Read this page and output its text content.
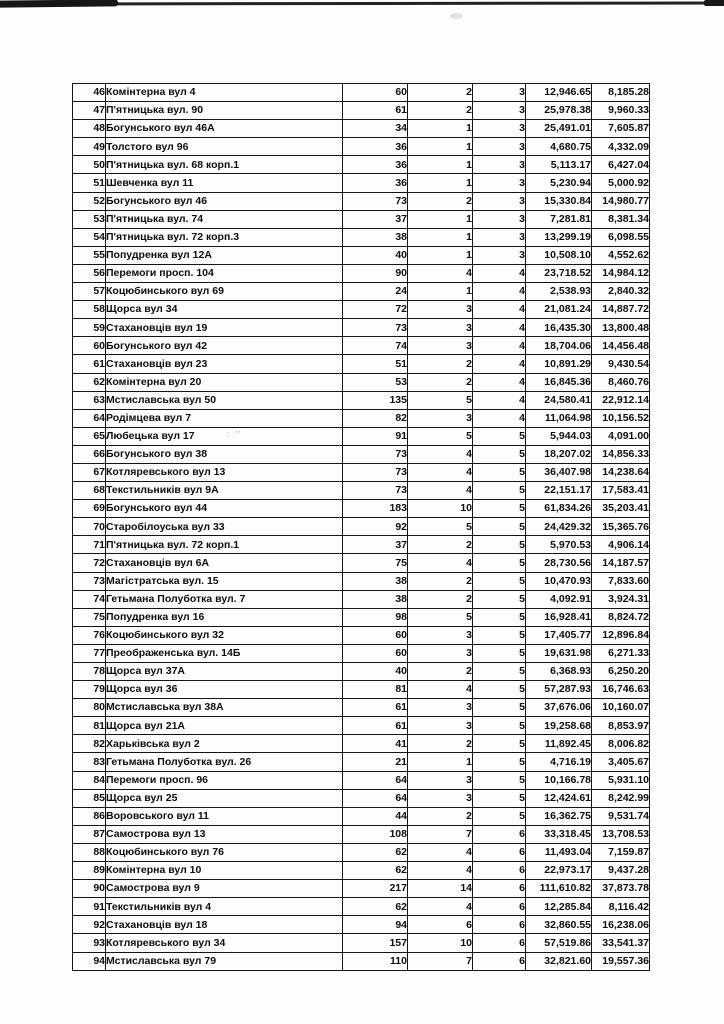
46	Комінтерна вул 4	60	2	3	12,946.65	8,185.28
47	П'ятницька вул. 90	61	2	3	25,978.38	9,960.33
48	Богунського вул 46А	34	1	3	25,491.01	7,605.87
49	Толстого вул 96	36	1	3	4,680.75	4,332.09
50	П'ятницька вул. 68 корп.1	36	1	3	5,113.17	6,427.04
51	Шевченка вул 11	36	1	3	5,230.94	5,000.92
52	Богунського вул 46	73	2	3	15,330.84	14,980.77
53	П'ятницька вул. 74	37	1	3	7,281.81	8,381.34
54	П'ятницька вул. 72 корп.3	38	1	3	13,299.19	6,098.55
55	Попудренка вул 12А	40	1	3	10,508.10	4,552.62
56	Перемоги просп. 104	90	4	4	23,718.52	14,984.12
57	Коцюбинського вул 69	24	1	4	2,538.93	2,840.32
58	Щорса вул 34	72	3	4	21,081.24	14,887.72
59	Стахановців вул 19	73	3	4	16,435.30	13,800.48
60	Богунського вул 42	74	3	4	18,704.06	14,456.48
61	Стахановців вул 23	51	2	4	10,891.29	9,430.54
62	Комінтерна вул 20	53	2	4	16,845.36	8,460.76
63	Мстиславська вул 50	135	5	4	24,580.41	22,912.14
64	Родімцева вул 7	82	3	4	11,064.98	10,156.52
65	Любецька вул 17	91	5	5	5,944.03	4,091.00
66	Богунського вул 38	73	4	5	18,207.02	14,856.33
67	Котляревського вул 13	73	4	5	36,407.98	14,238.64
68	Текстильників вул 9А	73	4	5	22,151.17	17,583.41
69	Богунського вул 44	183	10	5	61,834.26	35,203.41
70	Старобілоуська вул 33	92	5	5	24,429.32	15,365.76
71	П'ятницька вул. 72 корп.1	37	2	5	5,970.53	4,906.14
72	Стахановців вул 6А	75	4	5	28,730.56	14,187.57
73	Магістратська вул. 15	38	2	5	10,470.93	7,833.60
74	Гетьмана Полуботка вул. 7	38	2	5	4,092.91	3,924.31
75	Попудренка вул 16	98	5	5	16,928.41	8,824.72
76	Коцюбинського вул 32	60	3	5	17,405.77	12,896.84
77	Преображенська вул. 14Б	60	3	5	19,631.98	6,271.33
78	Щорса вул 37А	40	2	5	6,368.93	6,250.20
79	Щорса вул 36	81	4	5	57,287.93	16,746.63
80	Мстиславська вул 38А	61	3	5	37,676.06	10,160.07
81	Щорса вул 21А	61	3	5	19,258.68	8,853.97
82	Харьківська вул 2	41	2	5	11,892.45	8,006.82
83	Гетьмана Полуботка вул. 26	21	1	5	4,716.19	3,405.67
84	Перемоги просп. 96	64	3	5	10,166.78	5,931.10
85	Щорса вул 25	64	3	5	12,424.61	8,242.99
86	Воровського вул 11	44	2	5	16,362.75	9,531.74
87	Самострова вул 13	108	7	6	33,318.45	13,708.53
88	Коцюбинського вул 76	62	4	6	11,493.04	7,159.87
89	Комінтерна вул 10	62	4	6	22,973.17	9,437.28
90	Самострова вул 9	217	14	6	111,610.82	37,873.78
91	Текстильників вул 4	62	4	6	12,285.84	8,116.42
92	Стахановців вул 18	94	6	6	32,860.55	16,238.06
93	Котляревського вул 34	157	10	6	57,519.86	33,541.37
94	Мстиславська вул 79	110	7	6	32,821.60	19,557.36
: ''
